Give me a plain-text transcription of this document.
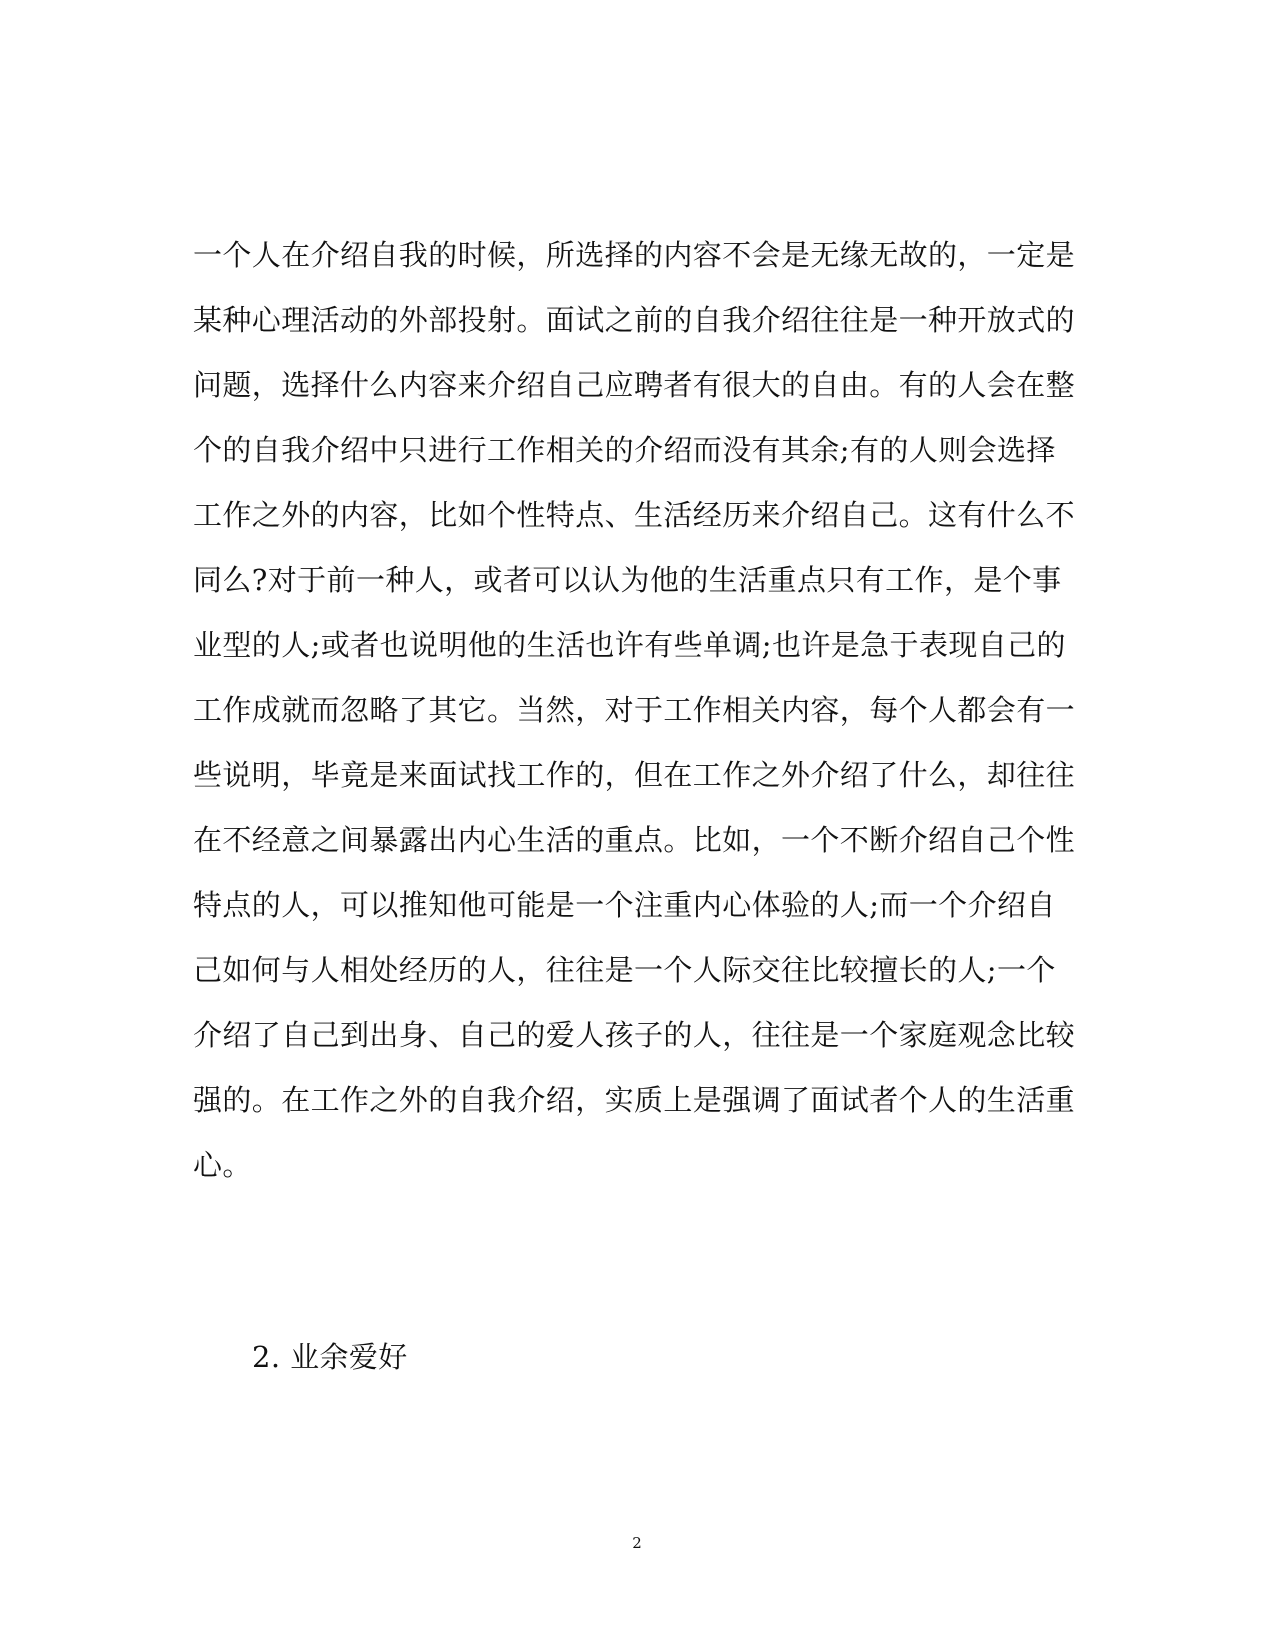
一个人在介绍自我的时候，所选择的内容不会是无缘无故的，一定是
某种心理活动的外部投射。面试之前的自我介绍往往是一种开放式的
问题，选择什么内容来介绍自己应聘者有很大的自由。有的人会在整
个的自我介绍中只进行工作相关的介绍而没有其余;有的人则会选择
工作之外的内容，比如个性特点、生活经历来介绍自己。这有什么不
同么?对于前一种人，或者可以认为他的生活重点只有工作，是个事
业型的人;或者也说明他的生活也许有些单调;也许是急于表现自己的
工作成就而忽略了其它。当然，对于工作相关内容，每个人都会有一
些说明，毕竟是来面试找工作的，但在工作之外介绍了什么，却往往
在不经意之间暴露出内心生活的重点。比如，一个不断介绍自己个性
特点的人，可以推知他可能是一个注重内心体验的人;而一个介绍自
己如何与人相处经历的人，往往是一个人际交往比较擅长的人;一个
介绍了自己到出身、自己的爱人孩子的人，往往是一个家庭观念比较
强的。在工作之外的自我介绍，实质上是强调了面试者个人的生活重
心。
2. 业余爱好
2
